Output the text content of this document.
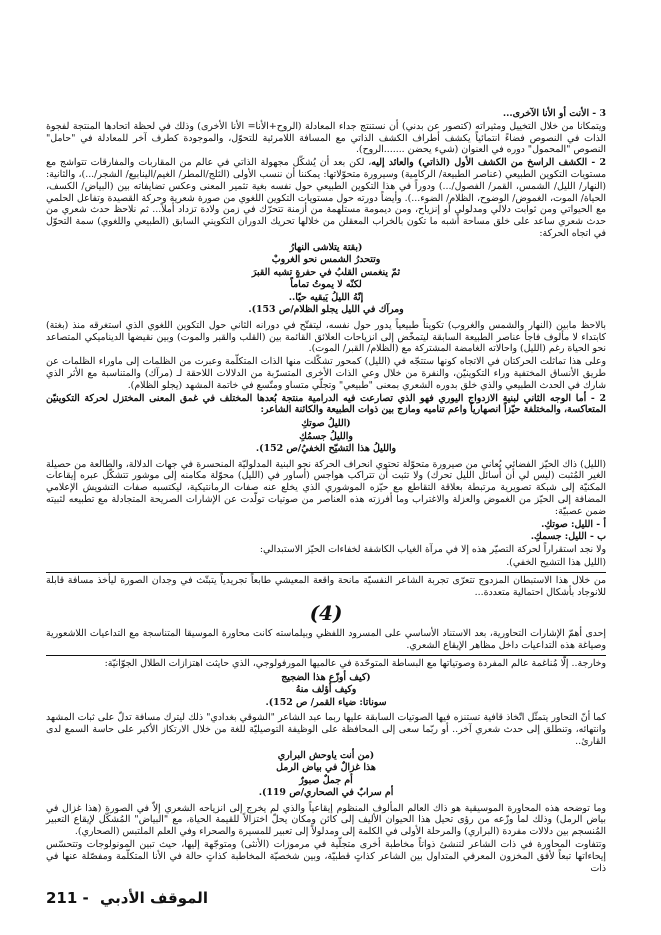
3 - الأنت أو الأنا الآخرى...

ويتمكانا من خلال التخييل ومثيراته (كتصور عن بدني) أن نستنتج جداء المعادلة (الروح+الأنا= الأنا الأخرى) وذلك في لحظة اتحادها المنتجة لفجوة الذات في النصوص فضاءً انتمائياً يكشف أطراف الكشف الذاتي مع المسافة اللامرئية للتحوّل، والموجودة كطرف آخر للمعادلة في "حامل" النصوص "المحمول" دوره في العنوان (شيء يحضن .......الروح).

2 - الكشف الراسخ من الكشف الأول (الذاتي) والعائد إليه، لكن بعد أن يُشكّل مجهولة الذاتي في عالم من المقاربات والمفارقات تتواشج مع مستويات التكوين الطبيعي (عناصر الطبيعة/ الركامية) وسيرورة متحوّلاتها: يمكننا أن ننسب الأولى (الثلج/المطر/ الغيم/الينابيع/ الشجر/...)، والثانية: (النهار/ الليل/ الشمس، القمر/ الفصول/...) ودوراً في هذا التكوين الطبيعي حول نفسه بغية تثمير المعنى وعكس تضايفاته بين (البياض/ الكسف، الحياة/ الموت، الغموض/ الوضوح، الظلام/ الضوء...). وأيضاً دورته حول مستويات التكوين اللغوي من صورة شعرية وحركة القصيدة وتفاعل الحلمي مع الحيواتي ومن ثوابت دلالي ومدلولي أو إنزياح، ومن ديمومة مستلهمة من أزمنة تتحرّك في زمن ولادة تزداد أملاً... ثم نلاحظ حدث شعري من حدث شعري ساعد على خلق مساحة أشبه ما تكون بالخراب المعقلن من خلالها تحريك الدوران التكويني السابق (الطبيعي واللغوي) سمة التحوّل في اتجاه الحركة:

(بقتة يتلاشى النهارُ
وتتحدرُ الشمس نحو الغروبْ
ثمّ ينغمس القلبُ في حفرةٍ تشبه القبرَ
لكنّه لا يموتُ تماماً
إنّهُ الليلُ يَبقيه حيّا..
ومرآك في الليل يجلو الظلام/ص 153).

بالاحظ مابين (النهار والشمس والغروب) تكويناً طبيعياً يدور حول نفسه، ليتفتّح في دورانه الثاني حول التكوين اللغوي الذي استغرقه منذ (بغتة) كابتداء لا مألوف فاجأ عناصر الطبيعة السابقة ليتمخّض إلى انزياحات العلائق القائمة بين (القلب والقبر والموت) وبين نقيضها الديناميكي المتصاعد نحو الحياة رغم (الليل) واحالاته الغامضة المشتركة مع (الظلام/ القبر/ الموت).

وعلى هذا تماثلت الحركتان في الاتجاه كونها ستتجّه في (الليل) كمحور تشكّلت منها الذات المتكلّمة وعبرت من الظلمات إلى ماوراء الظلمات عن طريق الأنساق المختفية وراء التكوينيّن، والنفرة من خلال وعي الذات الأخرى المتسرّبة من الدلالات اللاحقة لـ (مرآك) والمتناسبة مع الأثر الذي شارك في الحدث الطبيعي والذي خلق بدوره الشعري بمعنى "طبيعي" وتجلّي متساو ومتّسع في خاتمة المشهد (يجلو الظلام).

2 - أما الوجه الثاني لبنية الازدواج اليوري فهو الذي تصارعت فيه الدرامية منتجة بُعدها المختلف في غمق المعنى المختزل لحركة التكوينيّن المتعاكسة، والمختلفة حيّزاً انصهارياً واعم تناميه ومازج بين ذوات الطبيعة والكائنة الشاعر:

(الليلُ صوتكِ
والليلُ جسمُكِ
والليلُ هذا التشيّح الخفيُ/ص 152).

(الليل) ذاك الحيّز الفضائي يُعاني من صيرورة متحوّلة تحتوي انحراف الحركة نحو البنية المدلوليّة المنحسرة في جهات الدلالة، والطالعة من حصيلة الغير المُثبت (ليس لي أن أسائل الليل تحرك) ولا تثبت أن تتراكب هواجس (أساور في (الليل) محوّلة مكامنه إلى موشور تتشكّل عبره إيقاعات المكنيّة إلى شبكة تصويرية مرتبطة بعلاقة التقاطع مع حيّزه الموشوري الذي يخلع عنه صفات الرمانتيكية، ليكتسبه صفات التشويش الإعلامي المضافة إلى الحيّز من الغموض والعزلة والاغتراب وما أفرزته هذه العناصر من صوتيات تولّدت عن الإشارات الصريحة المتجادلة مع تطبيعه لثبيته ضمن عصبيّة:

أ - الليل: صوتكِ.

ب - الليل: جسمكِ.

ولا نجد استقراراً لحركة التصيّر هذه إلا في مرآة الغياب الكاشفة لخفاءات الحيّز الاستبدالي:

(الليل هذا التشيح الخفي).

من خلال هذا الاستبطان المزدوج تتعرّى تجربة الشاعر النفسيّة مانحة واقعة المعيشي طابعاً تجريدياً يتبتّث في وجدان الصورة ليأخذ مسافة قابلة للانوجاد بأشكال احتمالية متعددة...

(4)

إحدى أهمّ الإشارات التحاورية، بعد الاستناد الأساسي على المسرود اللفظي وبيلماسته كانت محاورة الموسيقا المتناسجة مع التداعيات اللاشعورية وصياغة هذه التداعيات داخل مظاهر الإيقاع الشعري.

وخارجة.. إلّا مُناغمة عالم المفردة وصوتياتها مع البساطة المتوحّدة في عالميها المورفولوجي، الذي حايثت اهتزازات الطلال الجوّانيّة:

(كيف أوزّع هذا الضجيج
وكيف أؤلف منهُ
سوناتا: ضياء القمر/ ص 152).

كما أنّ التحاور يتمثّل اتّخاذ قافية تستنزه فيها الصوتيات السابقة عليها ربما عبد الشاعر "الشوقي بغدادي" ذلك ليترك مسافة تدلّ على ثبات المشهد وانتهائه، وتنطلق إلى حدث شعري آخر.. أو ربّما سعى إلى المحافظة على الوظيفة التوصيليّة للغة من خلال الارتكاز الأكبر على حاسة السمع لدى القارئ..

(من أنت ياوحش البراري
هذا غزالٌ في بياض الرمل
أم جملٌ صبورٌ
أم سرابٌ في الصحاري/ص 119).

وما توضحه هذه المحاورة الموسيقية هو ذاك العالم المألوف المنظوم إيقاعياً والذي لم يخرج إلى انزياحه الشعري إلاّ في الصورة (هذا غزال في بياض الرمل) وذلك لما وزّعه من رؤى تحيل هذا الحيوان الأليف إلى كائن ومكان يحلّ اختزالاً للقيمة الحياة، مع "البياض" المُشكّل لإيقاع التعبير المُنسجم بين دلالات مفردة (البراري) والمرحلة الأولى في الكلمة إلى ومدلولاً إلى تعبير للمسيرة والصحراء وفي العلم الملتبس (الصحاري).

وتتفاوت المحاورة في ذات الشاعر لتنشئ ذواتاً مخاطبة أخرى متجلّية في مرموزات (الأنثى) ومتوجّهة إليها، حيث تبين المونولوجات وتتحسّس إيحاءاتها تبعاً لأفق المخزون المعرفي المتداول بين الشاعر كذاتٍ قطبيّة، وبين شخصيّة المخاطبة كذاتٍ حالة في الأنا المتكلّمة ومفصّلة عنها في ذات

الموقف الأدبي - 211
